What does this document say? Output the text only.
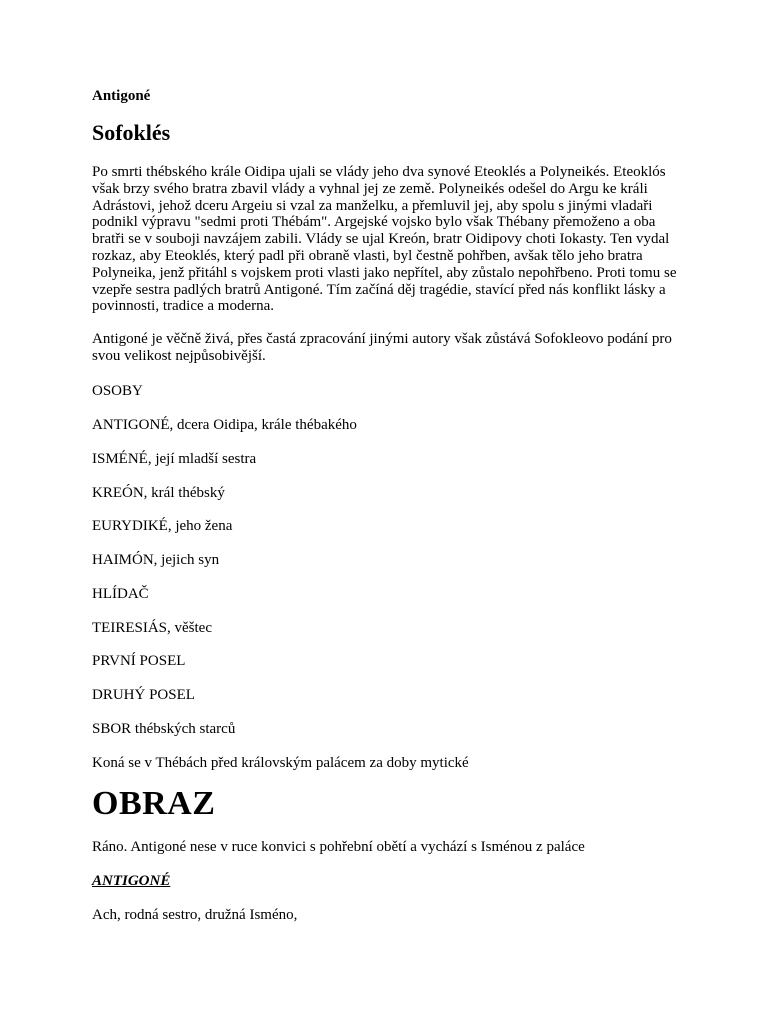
Antigoné

Sofoklés

Po smrti thébského krále Oidipa ujali se vlády jeho dva synové Eteoklés a Polyneikés. Eteoklós však brzy svého bratra zbavil vlády a vyhnal jej ze země. Polyneikés odešel do Argu ke králi Adrástovi, jehož dceru Argeiu si vzal za manželku, a přemluvil jej, aby spolu s jinými vladaři podnikl výpravu "sedmi proti Thébám". Argejské vojsko bylo však Thébany přemoženo a oba bratři se v souboji navzájem zabili. Vlády se ujal Kreón, bratr Oidipovy choti Iokasty. Ten vydal rozkaz, aby Eteoklés, který padl při obraně vlasti, byl čestně pohřben, avšak tělo jeho bratra Polyneika, jenž přitáhl s vojskem proti vlasti jako nepřítel, aby zůstalo nepohřbeno. Proti tomu se vzepře sestra padlých bratrů Antigoné. Tím začíná děj tragédie, stavící před nás konflikt lásky a povinnosti, tradice a moderna.

Antigoné je věčně živá, přes častá zpracování jinými autory však zůstává Sofokleovo podání pro svou velikost nejpůsobivější.

OSOBY

ANTIGONÉ, dcera Oidipa, krále thébakého

ISMÉNÉ, její mladší sestra

KREÓN, král thébský

EURYDIKÉ, jeho žena

HAIMÓN, jejich syn

HLÍDAČ

TEIRESIÁS, věštec

PRVNÍ POSEL

DRUHÝ POSEL

SBOR thébských starců

Koná se v Thébách před královským palácem za doby mytické

OBRAZ

Ráno. Antigoné nese v ruce konvici s pohřební obětí a vychází s Isménou z paláce

ANTIGONÉ

Ach, rodná sestro, družná Isméno,
